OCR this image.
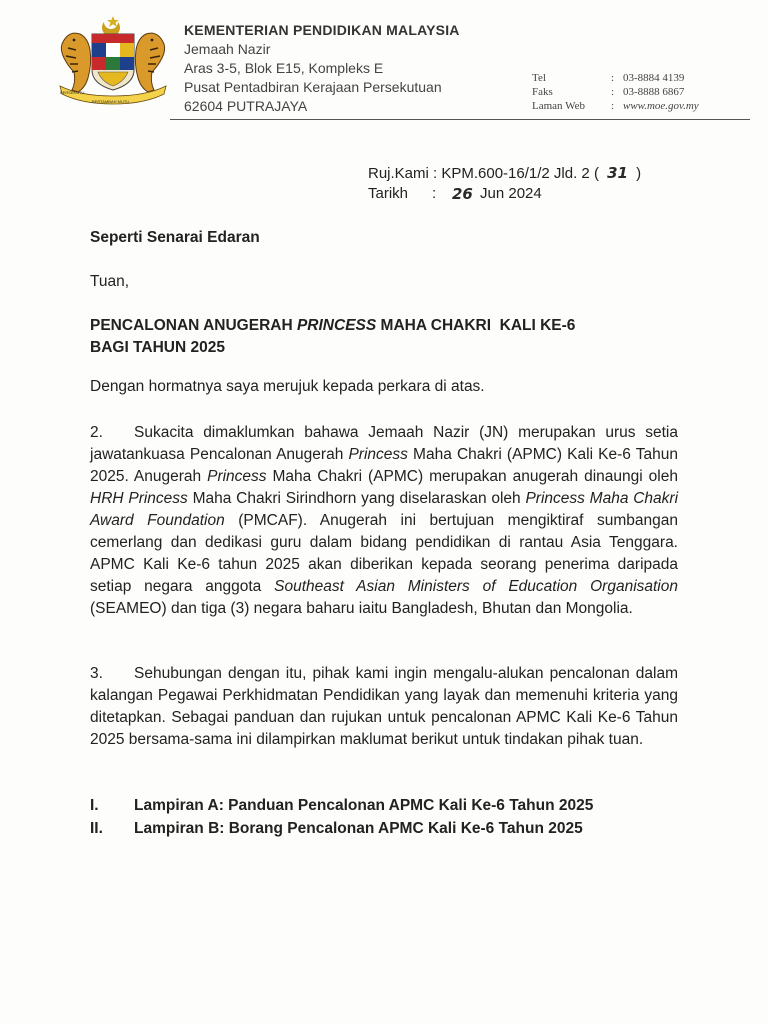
BERSEKUTU
BERTAMBAH MUTU
KEMENTERIAN PENDIDIKAN MALAYSIA
Jemaah Nazir
Aras 3-5, Blok E15, Kompleks E
Pusat Pentadbiran Kerajaan Persekutuan
62604 PUTRAJAYA
Tel	: 03-8884 4139
Faks	: 03-8888 6867
Laman Web : www.moe.gov.my
Ruj.Kami : KPM.600-16/1/2 Jld. 2 ( 31 )
Tarikh : 26 Jun 2024
Seperti Senarai Edaran
Tuan,
PENCALONAN ANUGERAH PRINCESS MAHA CHAKRI  KALI KE-6
BAGI TAHUN 2025
Dengan hormatnya saya merujuk kepada perkara di atas.
2. Sukacita dimaklumkan bahawa Jemaah Nazir (JN) merupakan urus setia jawatankuasa Pencalonan Anugerah Princess Maha Chakri (APMC) Kali Ke-6 Tahun 2025. Anugerah Princess Maha Chakri (APMC) merupakan anugerah dinaungi oleh HRH Princess Maha Chakri Sirindhorn yang diselaraskan oleh Princess Maha Chakri Award Foundation (PMCAF). Anugerah ini bertujuan mengiktiraf sumbangan cemerlang dan dedikasi guru dalam bidang pendidikan di rantau Asia Tenggara. APMC Kali Ke-6 tahun 2025 akan diberikan kepada seorang penerima daripada setiap negara anggota Southeast Asian Ministers of Education Organisation (SEAMEO) dan tiga (3) negara baharu iaitu Bangladesh, Bhutan dan Mongolia.
3. Sehubungan dengan itu, pihak kami ingin mengalu-alukan pencalonan dalam kalangan Pegawai Perkhidmatan Pendidikan yang layak dan memenuhi kriteria yang ditetapkan. Sebagai panduan dan rujukan untuk pencalonan APMC Kali Ke-6 Tahun 2025 bersama-sama ini dilampirkan maklumat berikut untuk tindakan pihak tuan.
I. Lampiran A: Panduan Pencalonan APMC Kali Ke-6 Tahun 2025
II. Lampiran B: Borang Pencalonan APMC Kali Ke-6 Tahun 2025
